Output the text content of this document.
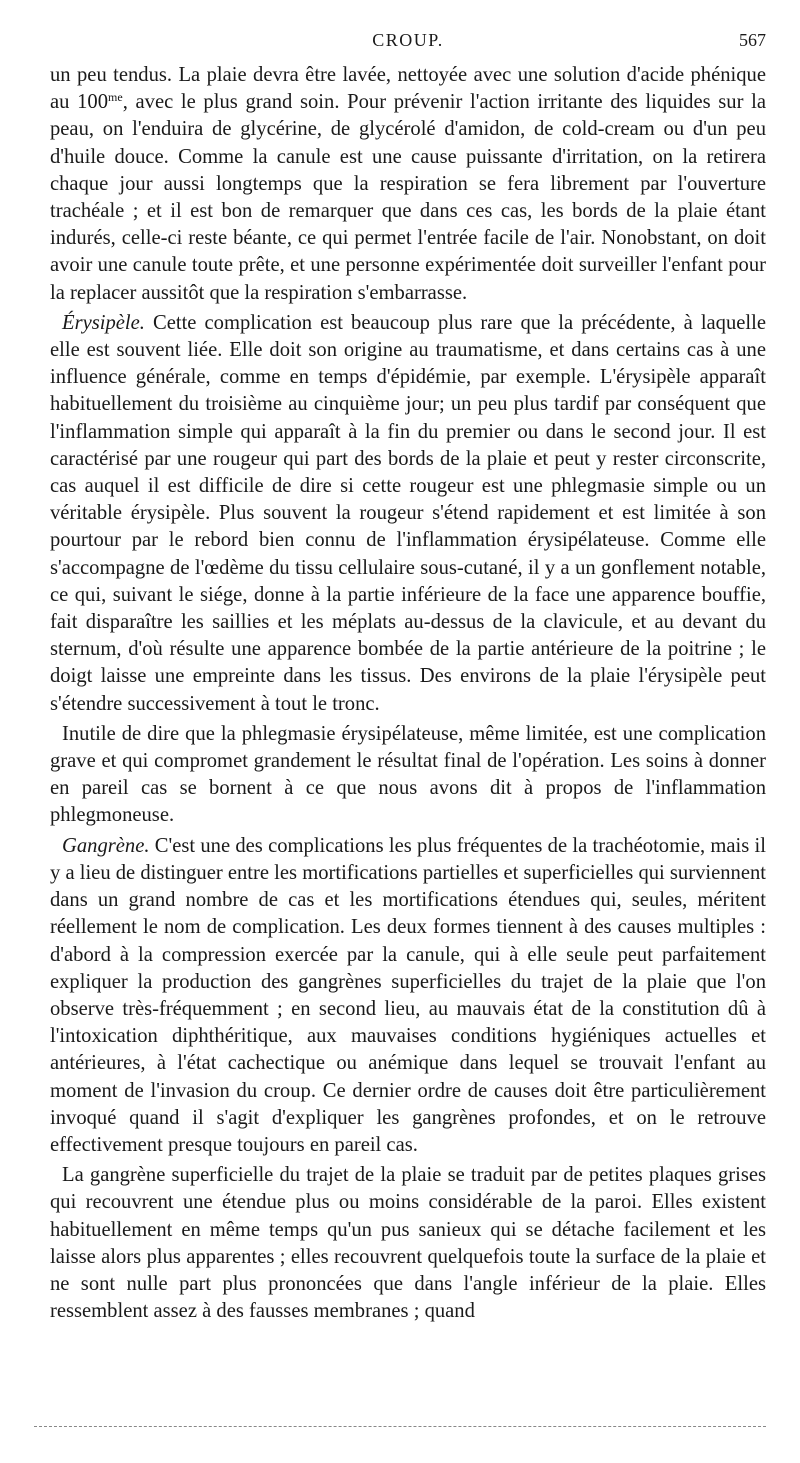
CROUP.	567

un peu tendus. La plaie devra être lavée, nettoyée avec une solution d'acide phénique au $100^{me}$, avec le plus grand soin. Pour prévenir l'action irritante des liquides sur la peau, on l'enduira de glycérine, de glycérolé d'amidon, de cold-cream ou d'un peu d'huile douce. Comme la canule est une cause puissante d'irritation, on la retirera chaque jour aussi longtemps que la respiration se fera librement par l'ouverture trachéale ; et il est bon de remarquer que dans ces cas, les bords de la plaie étant indurés, celle-ci reste béante, ce qui permet l'entrée facile de l'air. Nonobstant, on doit avoir une canule toute prête, et une personne expérimentée doit surveiller l'enfant pour la replacer aussitôt que la respiration s'embarrasse.

Érysipèle. Cette complication est beaucoup plus rare que la précédente, à laquelle elle est souvent liée. Elle doit son origine au traumatisme, et dans certains cas à une influence générale, comme en temps d'épidémie, par exemple. L'érysipèle apparaît habituellement du troisième au cinquième jour; un peu plus tardif par conséquent que l'inflammation simple qui apparaît à la fin du premier ou dans le second jour. Il est caractérisé par une rougeur qui part des bords de la plaie et peut y rester circonscrite, cas auquel il est difficile de dire si cette rougeur est une phlegmasie simple ou un véritable érysipèle. Plus souvent la rougeur s'étend rapidement et est limitée à son pourtour par le rebord bien connu de l'inflammation érysipélateuse. Comme elle s'accompagne de l'œdème du tissu cellulaire sous-cutané, il y a un gonflement notable, ce qui, suivant le siége, donne à la partie inférieure de la face une apparence bouffie, fait disparaître les saillies et les méplats au-dessus de la clavicule, et au devant du sternum, d'où résulte une apparence bombée de la partie antérieure de la poitrine ; le doigt laisse une empreinte dans les tissus. Des environs de la plaie l'érysipèle peut s'étendre successivement à tout le tronc.

Inutile de dire que la phlegmasie érysipélateuse, même limitée, est une complication grave et qui compromet grandement le résultat final de l'opération. Les soins à donner en pareil cas se bornent à ce que nous avons dit à propos de l'inflammation phlegmoneuse.

Gangrène. C'est une des complications les plus fréquentes de la trachéotomie, mais il y a lieu de distinguer entre les mortifications partielles et superficielles qui surviennent dans un grand nombre de cas et les mortifications étendues qui, seules, méritent réellement le nom de complication. Les deux formes tiennent à des causes multiples : d'abord à la compression exercée par la canule, qui à elle seule peut parfaitement expliquer la production des gangrènes superficielles du trajet de la plaie que l'on observe très-fréquemment ; en second lieu, au mauvais état de la constitution dû à l'intoxication diphthéritique, aux mauvaises conditions hygiéniques actuelles et antérieures, à l'état cachectique ou anémique dans lequel se trouvait l'enfant au moment de l'invasion du croup. Ce dernier ordre de causes doit être particulièrement invoqué quand il s'agit d'expliquer les gangrènes profondes, et on le retrouve effectivement presque toujours en pareil cas.

La gangrène superficielle du trajet de la plaie se traduit par de petites plaques grises qui recouvrent une étendue plus ou moins considérable de la paroi. Elles existent habituellement en même temps qu'un pus sanieux qui se détache facilement et les laisse alors plus apparentes ; elles recouvrent quelquefois toute la surface de la plaie et ne sont nulle part plus prononcées que dans l'angle inférieur de la plaie. Elles ressemblent assez à des fausses membranes ; quand
